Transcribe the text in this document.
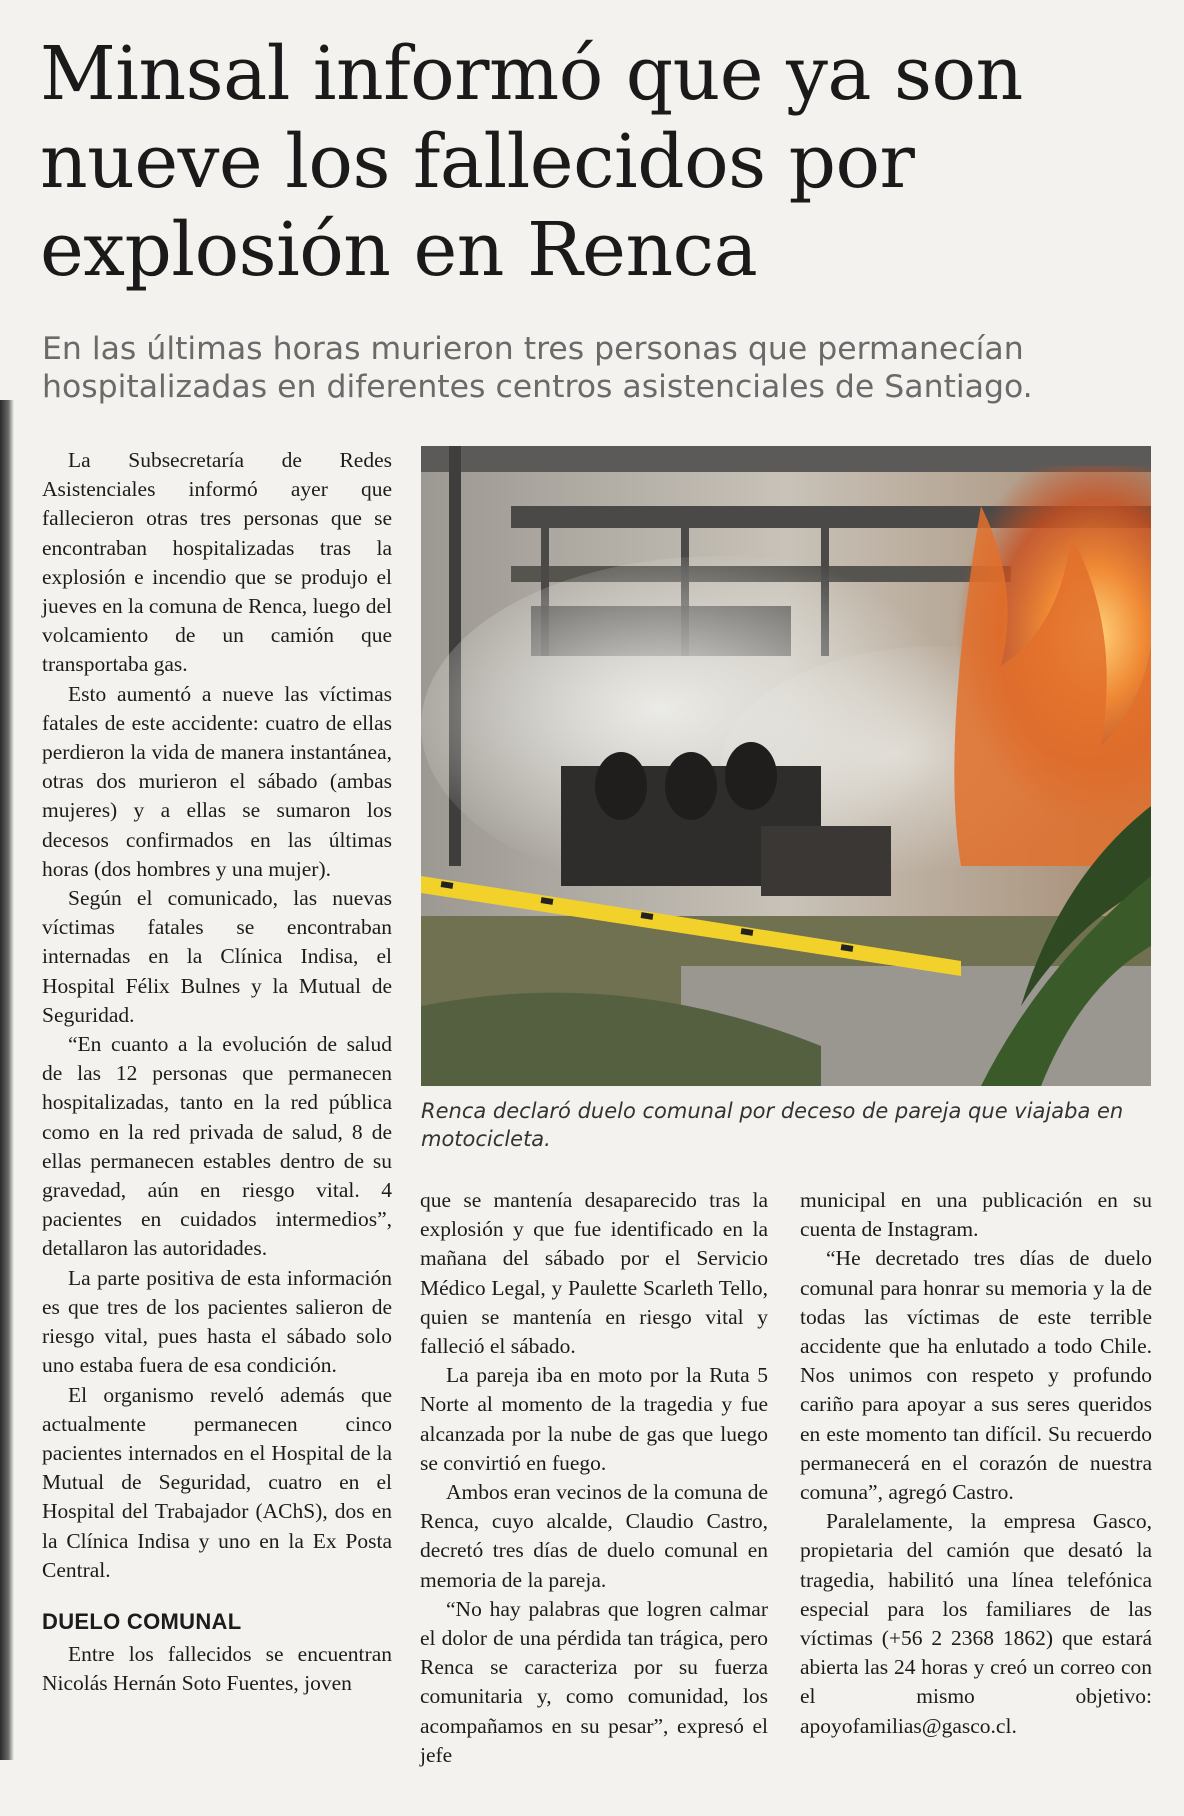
Minsal informó que ya son nueve los fallecidos por explosión en Renca

En las últimas horas murieron tres personas que permanecían hospitalizadas en diferentes centros asistenciales de Santiago.

La Subsecretaría de Redes Asistenciales informó ayer que fallecieron otras tres personas que se encontraban hospitalizadas tras la explosión e incendio que se produjo el jueves en la comuna de Renca, luego del volcamiento de un camión que transportaba gas.

Esto aumentó a nueve las víctimas fatales de este accidente: cuatro de ellas perdieron la vida de manera instantánea, otras dos murieron el sábado (ambas mujeres) y a ellas se sumaron los decesos confirmados en las últimas horas (dos hombres y una mujer).

Según el comunicado, las nuevas víctimas fatales se encontraban internadas en la Clínica Indisa, el Hospital Félix Bulnes y la Mutual de Seguridad.

“En cuanto a la evolución de salud de las 12 personas que permanecen hospitalizadas, tanto en la red pública como en la red privada de salud, 8 de ellas permanecen estables dentro de su gravedad, aún en riesgo vital. 4 pacientes en cuidados intermedios”, detallaron las autoridades.

La parte positiva de esta información es que tres de los pacientes salieron de riesgo vital, pues hasta el sábado solo uno estaba fuera de esa condición.

El organismo reveló además que actualmente permanecen cinco pacientes internados en el Hospital de la Mutual de Seguridad, cuatro en el Hospital del Trabajador (AChS), dos en la Clínica Indisa y uno en la Ex Posta Central.

DUELO COMUNAL

Entre los fallecidos se encuentran Nicolás Hernán Soto Fuentes, joven

Renca declaró duelo comunal por deceso de pareja que viajaba en motocicleta.

que se mantenía desaparecido tras la explosión y que fue identificado en la mañana del sábado por el Servicio Médico Legal, y Paulette Scarleth Tello, quien se mantenía en riesgo vital y falleció el sábado.

La pareja iba en moto por la Ruta 5 Norte al momento de la tragedia y fue alcanzada por la nube de gas que luego se convirtió en fuego.

Ambos eran vecinos de la comuna de Renca, cuyo alcalde, Claudio Castro, decretó tres días de duelo comunal en memoria de la pareja.

“No hay palabras que logren calmar el dolor de una pérdida tan trágica, pero Renca se caracteriza por su fuerza comunitaria y, como comunidad, los acompañamos en su pesar”, expresó el jefe

municipal en una publicación en su cuenta de Instagram.

“He decretado tres días de duelo comunal para honrar su memoria y la de todas las víctimas de este terrible accidente que ha enlutado a todo Chile. Nos unimos con respeto y profundo cariño para apoyar a sus seres queridos en este momento tan difícil. Su recuerdo permanecerá en el corazón de nuestra comuna”, agregó Castro.

Paralelamente, la empresa Gasco, propietaria del camión que desató la tragedia, habilitó una línea telefónica especial para los familiares de las víctimas (+56 2 2368 1862) que estará abierta las 24 horas y creó un correo con el mismo objetivo: apoyofamilias@gasco.cl.
